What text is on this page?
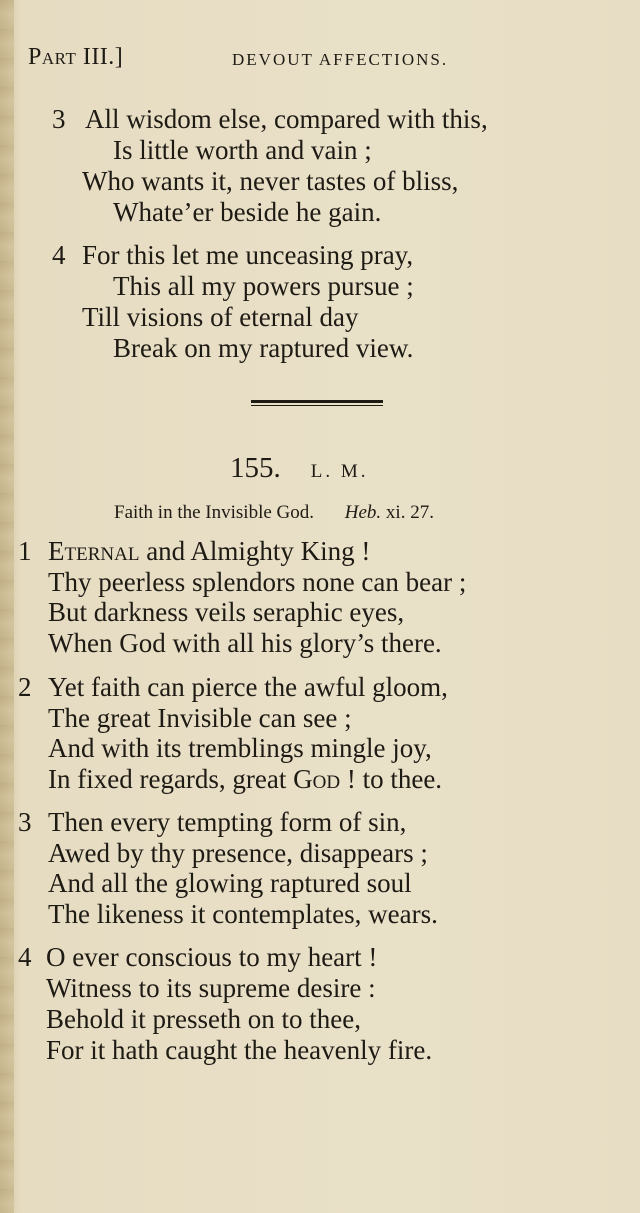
Part III.]	DEVOUT AFFECTIONS.
3 All wisdom else, compared with this,
Is little worth and vain ;
Who wants it, never tastes of bliss,
Whate’er beside he gain.
4 For this let me unceasing pray,
This all my powers pursue ;
Till visions of eternal day
Break on my raptured view.
155. L. M.
Faith in the Invisible God. Heb. xi. 27.
1 Eternal and Almighty King !
Thy peerless splendors none can bear ;
But darkness veils seraphic eyes,
When God with all his glory’s there.
2 Yet faith can pierce the awful gloom,
The great Invisible can see ;
And with its tremblings mingle joy,
In fixed regards, great God ! to thee.
3 Then every tempting form of sin,
Awed by thy presence, disappears ;
And all the glowing raptured soul
The likeness it contemplates, wears.
4 O ever conscious to my heart !
Witness to its supreme desire :
Behold it presseth on to thee,
For it hath caught the heavenly fire.
